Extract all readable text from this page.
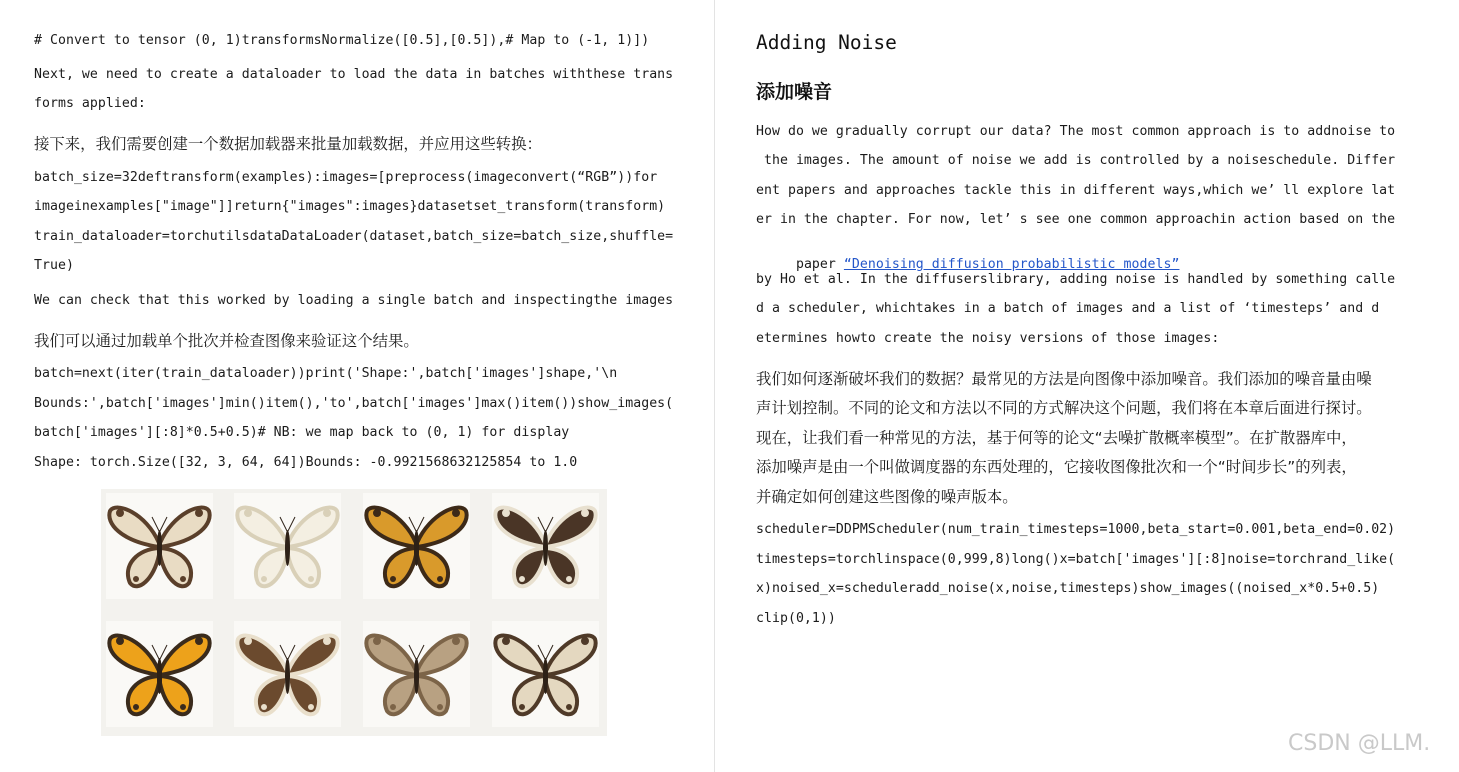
# Convert to tensor (0, 1)transformsNormalize([0.5],[0.5]),# Map to (-1, 1)])
Next, we need to create a dataloader to load the data in batches withthese trans
forms applied:
接下来，我们需要创建一个数据加载器来批量加载数据，并应用这些转换：
batch_size=32deftransform(examples):images=[preprocess(imageconvert(“RGB”))for
imageinexamples["image"]]return{"images":images}datasetset_transform(transform)
train_dataloader=torchutilsdataDataLoader(dataset,batch_size=batch_size,shuffle=
True)
We can check that this worked by loading a single batch and inspectingthe images
我们可以通过加载单个批次并检查图像来验证这个结果。
batch=next(iter(train_dataloader))print('Shape:',batch['images']shape,'\n
Bounds:',batch['images']min()item(),'to',batch['images']max()item())show_images(
batch['images'][:8]*0.5+0.5)# NB: we map back to (0, 1) for display
Shape: torch.Size([32, 3, 64, 64])Bounds: -0.9921568632125854 to 1.0
Adding Noise
添加噪音
How do we gradually corrupt our data? The most common approach is to addnoise to
the images. The amount of noise we add is controlled by a noiseschedule. Differ
ent papers and approaches tackle this in different ways,which we’ ll explore lat
er in the chapter. For now, let’ s see one common approachin action based on the

paper “Denoising diffusion probabilistic models”

by Ho et al. In the diffuserslibrary, adding noise is handled by something calle
d a scheduler, whichtakes in a batch of images and a list of ‘timesteps’ and d
etermines howto create the noisy versions of those images:
我们如何逐渐破坏我们的数据？最常见的方法是向图像中添加噪音。我们添加的噪音量由噪
声计划控制。不同的论文和方法以不同的方式解决这个问题，我们将在本章后面进行探讨。
现在，让我们看一种常见的方法，基于何等的论文“去噪扩散概率模型”。在扩散器库中，
添加噪声是由一个叫做调度器的东西处理的，它接收图像批次和一个“时间步长”的列表，
并确定如何创建这些图像的噪声版本。
scheduler=DDPMScheduler(num_train_timesteps=1000,beta_start=0.001,beta_end=0.02)
timesteps=torchlinspace(0,999,8)long()x=batch['images'][:8]noise=torchrand_like(
x)noised_x=scheduleradd_noise(x,noise,timesteps)show_images((noised_x*0.5+0.5)
clip(0,1))
CSDN @LLM.
